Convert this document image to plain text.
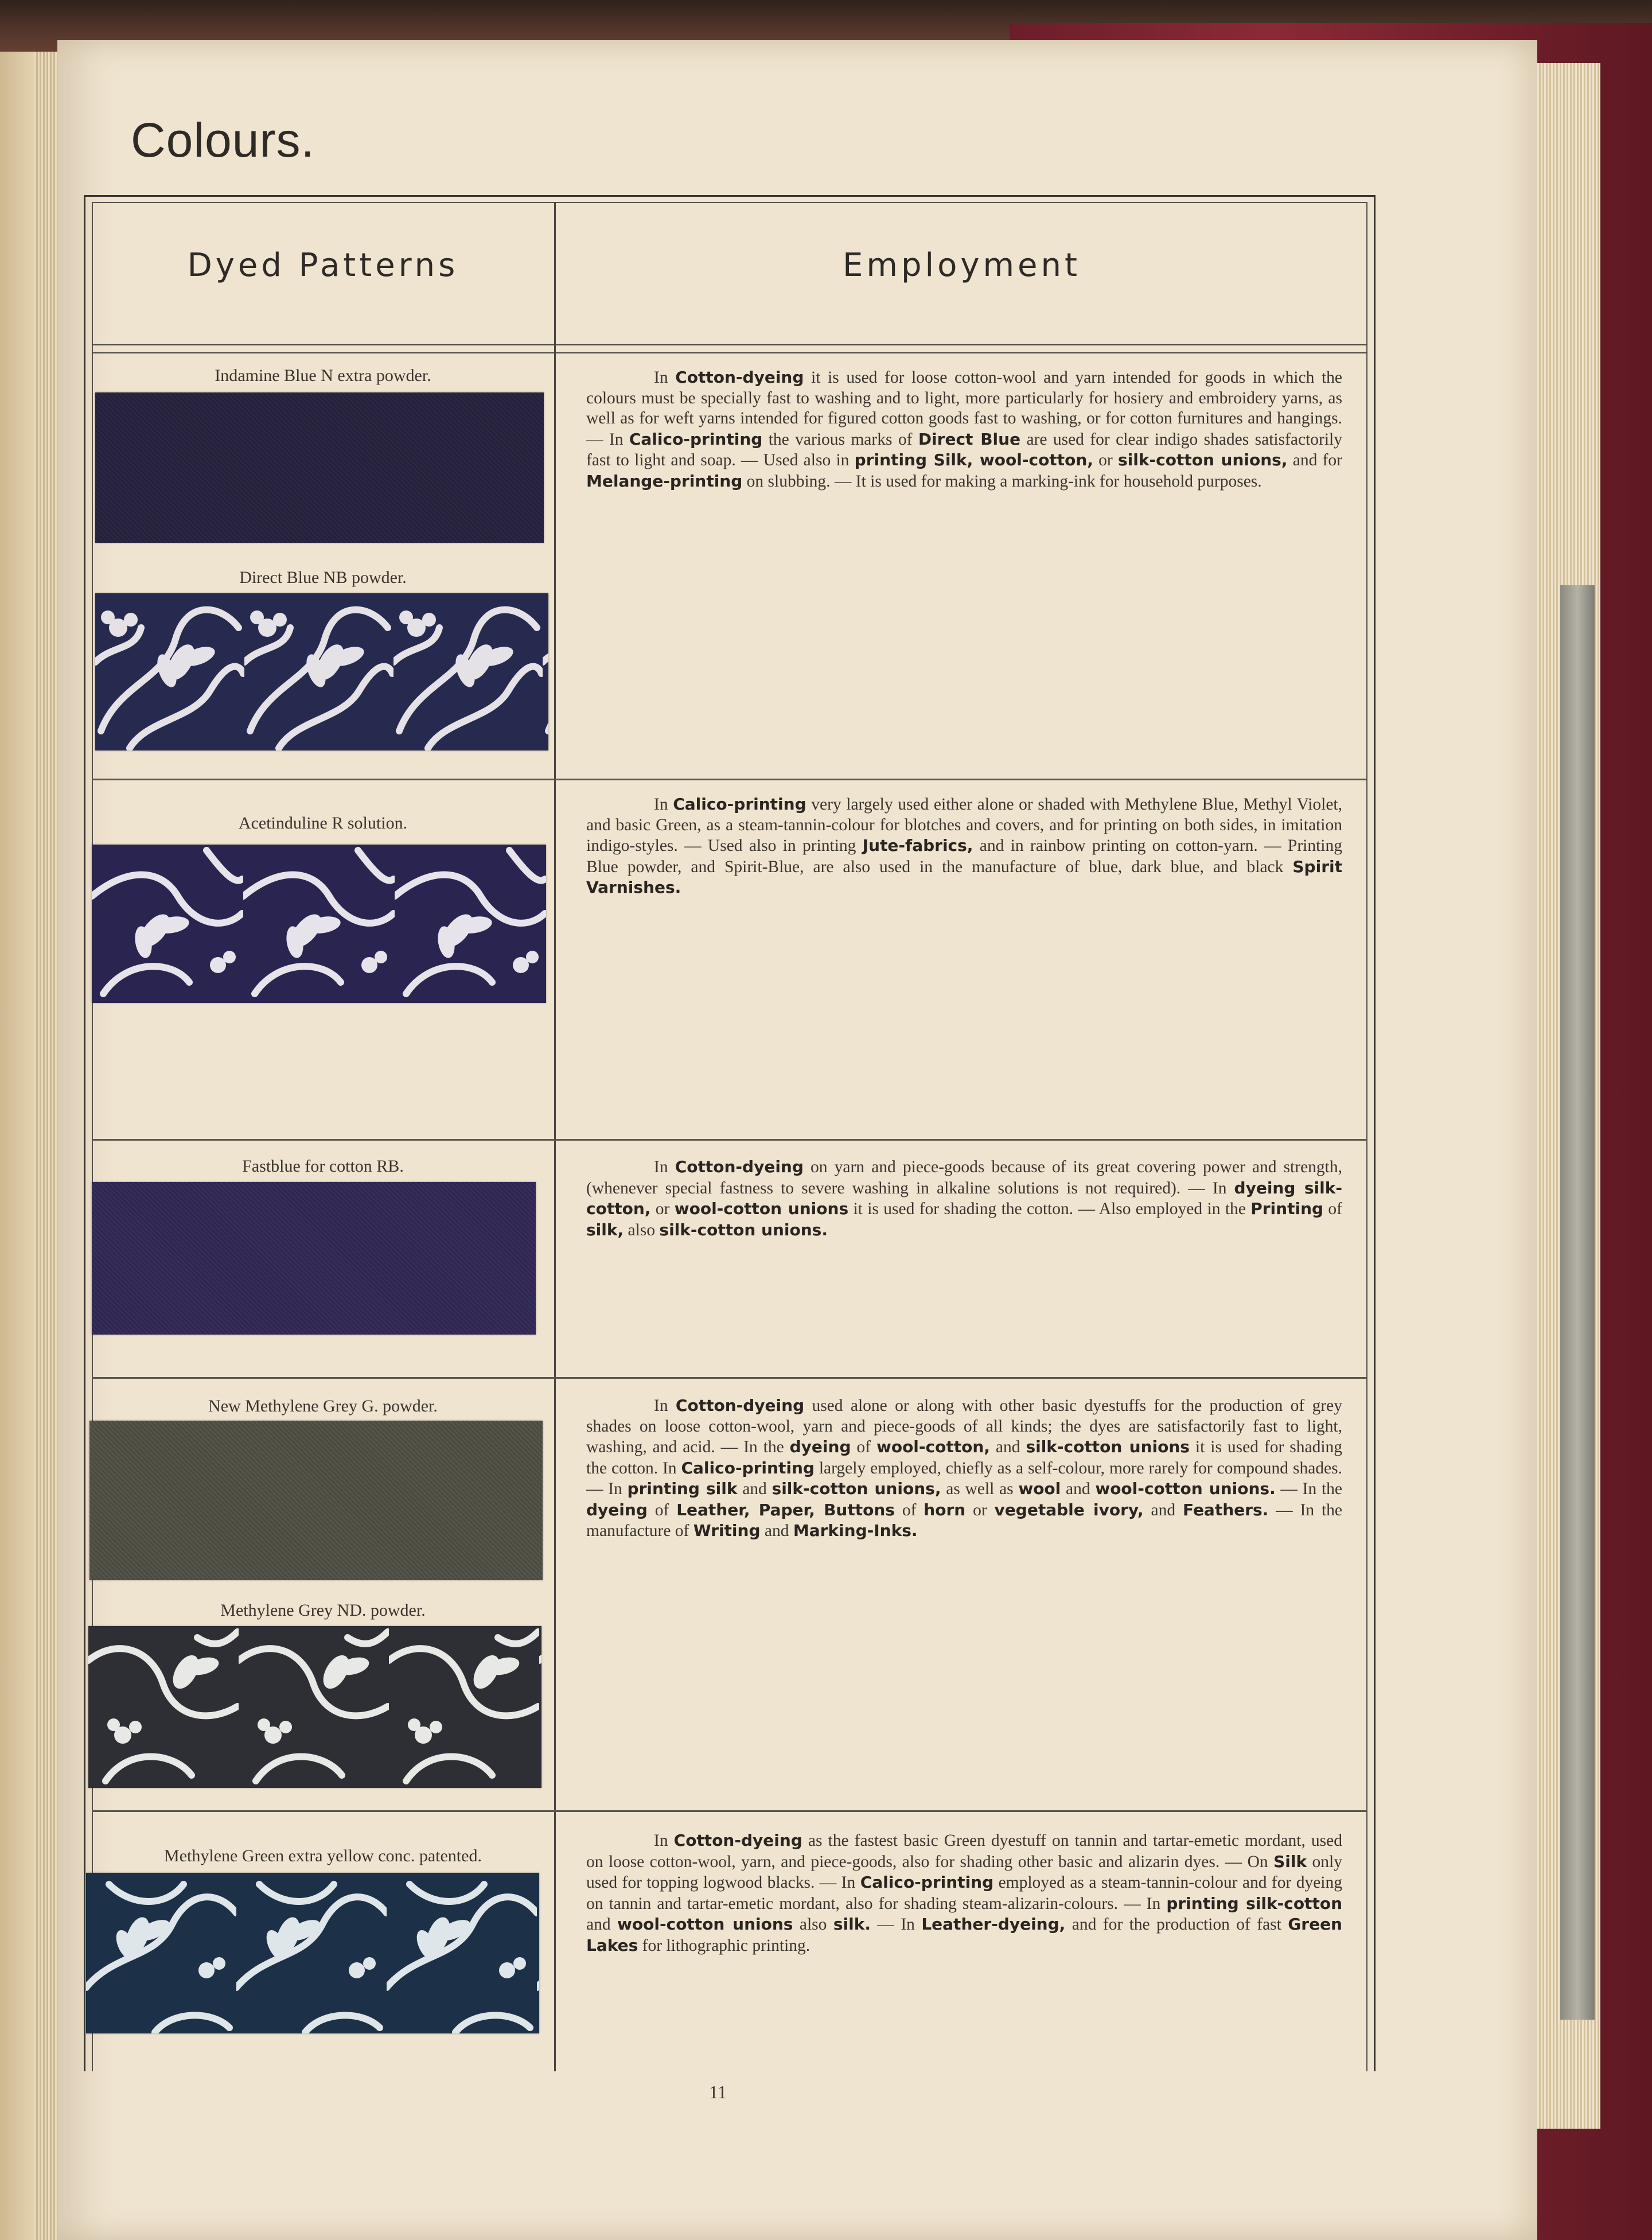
Colours.
Dyed Patterns	Employment
Indamine Blue N extra powder.
Direct Blue NB powder.
Acetinduline R solution.
Fastblue for cotton RB.
New Methylene Grey G. powder.
Methylene Grey ND. powder.
Methylene Green extra yellow conc. patented.
In Cotton-dyeing it is used for loose cotton-wool and yarn intended for goods in which the colours must be specially fast to washing and to light, more particularly for hosiery and embroidery yarns, as well as for weft yarns intended for figured cotton goods fast to washing, or for cotton furnitures and hangings. — In Calico-printing the various marks of Direct Blue are used for clear indigo shades satisfactorily fast to light and soap. — Used also in printing Silk, wool-cotton, or silk-cotton unions, and for Melange-printing on slubbing. — It is used for making a marking-ink for household purposes.
In Calico-printing very largely used either alone or shaded with Methylene Blue, Methyl Violet, and basic Green, as a steam-tannin-colour for blotches and covers, and for printing on both sides, in imitation indigo-styles. — Used also in printing Jute-fabrics, and in rainbow printing on cotton-yarn. — Printing Blue powder, and Spirit-Blue, are also used in the manufacture of blue, dark blue, and black Spirit Varnishes.
In Cotton-dyeing on yarn and piece-goods because of its great covering power and strength, (whenever special fastness to severe washing in alkaline solutions is not required). — In dyeing silk-cotton, or wool-cotton unions it is used for shading the cotton. — Also employed in the Printing of silk, also silk-cotton unions.
In Cotton-dyeing used alone or along with other basic dyestuffs for the production of grey shades on loose cotton-wool, yarn and piece-goods of all kinds; the dyes are satisfactorily fast to light, washing, and acid. — In the dyeing of wool-cotton, and silk-cotton unions it is used for shading the cotton. In Calico-printing largely employed, chiefly as a self-colour, more rarely for compound shades. — In printing silk and silk-cotton unions, as well as wool and wool-cotton unions. — In the dyeing of Leather, Paper, Buttons of horn or vegetable ivory, and Feathers. — In the manufacture of Writing and Marking-Inks.
In Cotton-dyeing as the fastest basic Green dyestuff on tannin and tartar-emetic mordant, used on loose cotton-wool, yarn, and piece-goods, also for shading other basic and alizarin dyes. — On Silk only used for topping logwood blacks. — In Calico-printing employed as a steam-tannin-colour and for dyeing on tannin and tartar-emetic mordant, also for shading steam-alizarin-colours. — In printing silk-cotton and wool-cotton unions also silk. — In Leather-dyeing, and for the production of fast Green Lakes for lithographic printing.
11
